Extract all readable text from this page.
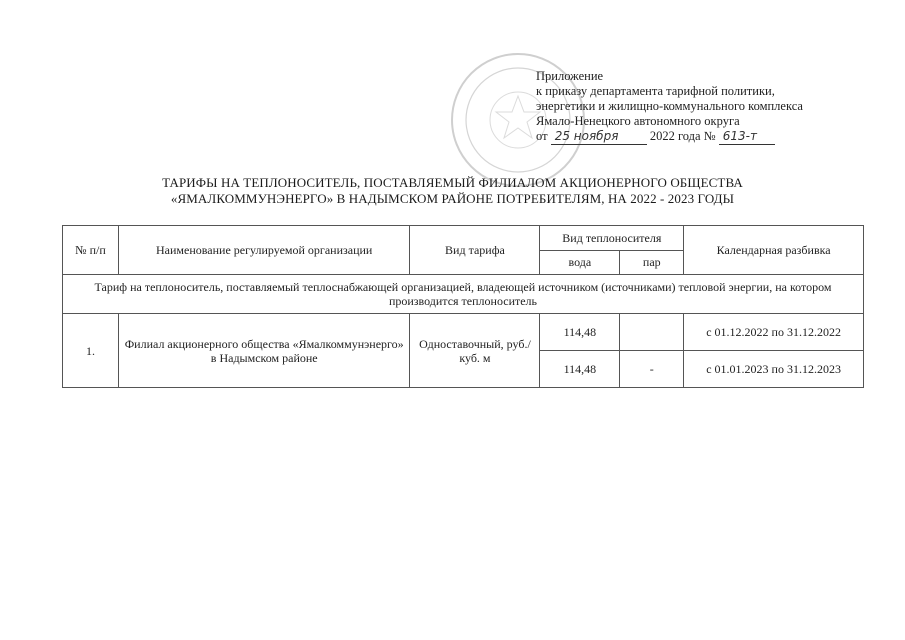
Приложение
к приказу департамента тарифной политики,
энергетики и жилищно-коммунального комплекса
Ямало-Ненецкого автономного округа
от 25 ноября	2022 года № 613-т
ТАРИФЫ НА ТЕПЛОНОСИТЕЛЬ, ПОСТАВЛЯЕМЫЙ ФИЛИАЛОМ АКЦИОНЕРНОГО ОБЩЕСТВА
«ЯМАЛКОММУНЭНЕРГО» В НАДЫМСКОМ РАЙОНЕ ПОТРЕБИТЕЛЯМ, НА 2022 - 2023 ГОДЫ
№ п/п	Наименование регулируемой организации	Вид тарифа	Вид теплоносителя		Календарная разбивка
			вода	пар	
Тариф на теплоноситель, поставляемый теплоснабжающей организацией, владеющей источником (источниками) тепловой энергии, на котором производится теплоноситель					
1.	Филиал акционерного общества «Ямалкоммунэнерго» в Надымском районе	Одноставочный, руб./куб. м	114,48		с 01.12.2022 по 31.12.2022
			114,48	-	с 01.01.2023 по 31.12.2023
